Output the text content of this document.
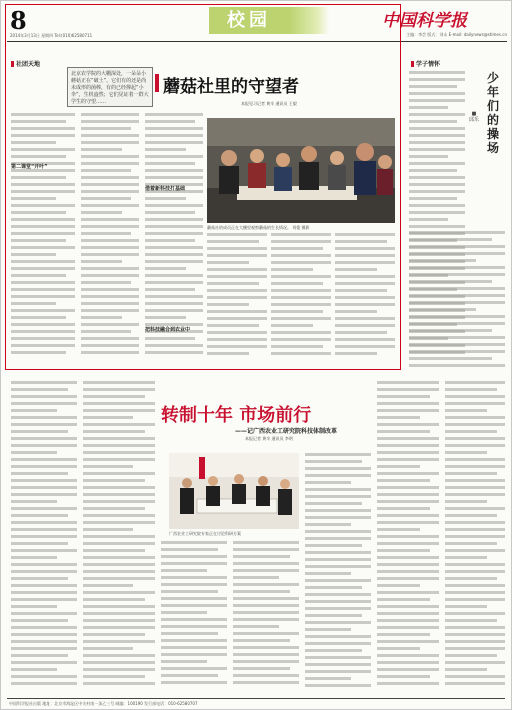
8
2014年3月13日 星期四 Tel:(010)62580711
校园	中国科学报
主编：李芸 版式：刘永 E-mail: dailynews@stimes.cn
社团天地
北京农学院的大棚深处，一朵朵小蘑菇正在“破土”。它们有的还是尚未成形的菌棒，有的已经撑起“小伞”，生机盎然；它们见证着一群大学生的守望……
蘑菇社里的守望者
本报见习记者 黄辛 通讯员 王毅
第二课堂“开叶”
借着新科技打基础
把科技融合到农业中
蘑菇社的成员正在大棚里观察蘑菇的生长情况。 刘俊 摄影
学子情怀
少年们的操场
■ 邱乐
转制十年 市场前行
——记广西农业工研究院科技体制改革
本报记者 黄辛 通讯员 李明
广西农业工研究院专家正在讨论科研方案
中国科学报社出版 地址：北京市海淀区中关村南一条乙三号 邮编：100190 发行部电话：010-62580707
